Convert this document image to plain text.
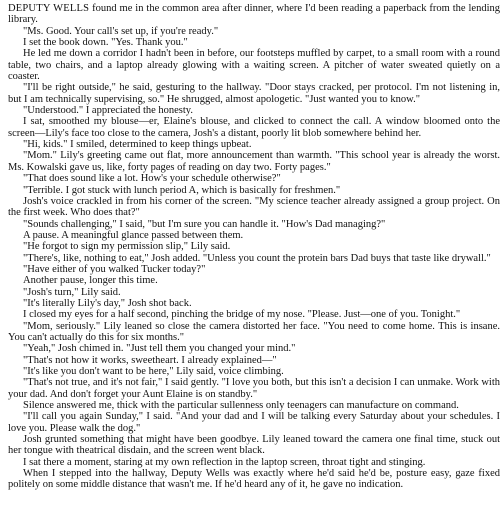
DEPUTY WELLS found me in the common area after dinner, where I'd been reading a paperback from the lending library.

"Ms. Good. Your call's set up, if you're ready."

I set the book down. "Yes. Thank you."

He led me down a corridor I hadn't been in before, our footsteps muffled by carpet, to a small room with a round table, two chairs, and a laptop already glowing with a waiting screen. A pitcher of water sweated quietly on a coaster.

"I'll be right outside," he said, gesturing to the hallway. "Door stays cracked, per protocol. I'm not listening in, but I am technically supervising, so." He shrugged, almost apologetic. "Just wanted you to know."

"Understood." I appreciated the honesty.

I sat, smoothed my blouse—er, Elaine's blouse, and clicked to connect the call. A window bloomed onto the screen—Lily's face too close to the camera, Josh's a distant, poorly lit blob somewhere behind her.

"Hi, kids." I smiled, determined to keep things upbeat.

"Mom." Lily's greeting came out flat, more announcement than warmth. "This school year is already the worst. Ms. Kowalski gave us, like, forty pages of reading on day two. Forty pages."

"That does sound like a lot. How's your schedule otherwise?"

"Terrible. I got stuck with lunch period A, which is basically for freshmen."

Josh's voice crackled in from his corner of the screen. "My science teacher already assigned a group project. On the first week. Who does that?"

"Sounds challenging," I said, "but I'm sure you can handle it. "How's Dad managing?"

A pause. A meaningful glance passed between them.

"He forgot to sign my permission slip," Lily said.

"There's, like, nothing to eat," Josh added. "Unless you count the protein bars Dad buys that taste like drywall."

"Have either of you walked Tucker today?"

Another pause, longer this time.

"Josh's turn," Lily said.

"It's literally Lily's day," Josh shot back.

I closed my eyes for a half second, pinching the bridge of my nose. "Please. Just—one of you. Tonight."

"Mom, seriously." Lily leaned so close the camera distorted her face. "You need to come home. This is insane. You can't actually do this for six months."

"Yeah," Josh chimed in. "Just tell them you changed your mind."

"That's not how it works, sweetheart. I already explained—"

"It's like you don't want to be here," Lily said, voice climbing.

"That's not true, and it's not fair," I said gently. "I love you both, but this isn't a decision I can unmake. Work with your dad. And don't forget your Aunt Elaine is on standby."

Silence answered me, thick with the particular sullenness only teenagers can manufacture on command.

"I'll call you again Sunday," I said. "And your dad and I will be talking every Saturday about your schedules. I love you. Please walk the dog."

Josh grunted something that might have been goodbye. Lily leaned toward the camera one final time, stuck out her tongue with theatrical disdain, and the screen went black.

I sat there a moment, staring at my own reflection in the laptop screen, throat tight and stinging.

When I stepped into the hallway, Deputy Wells was exactly where he'd said he'd be, posture easy, gaze fixed politely on some middle distance that wasn't me. If he'd heard any of it, he gave no indication.
